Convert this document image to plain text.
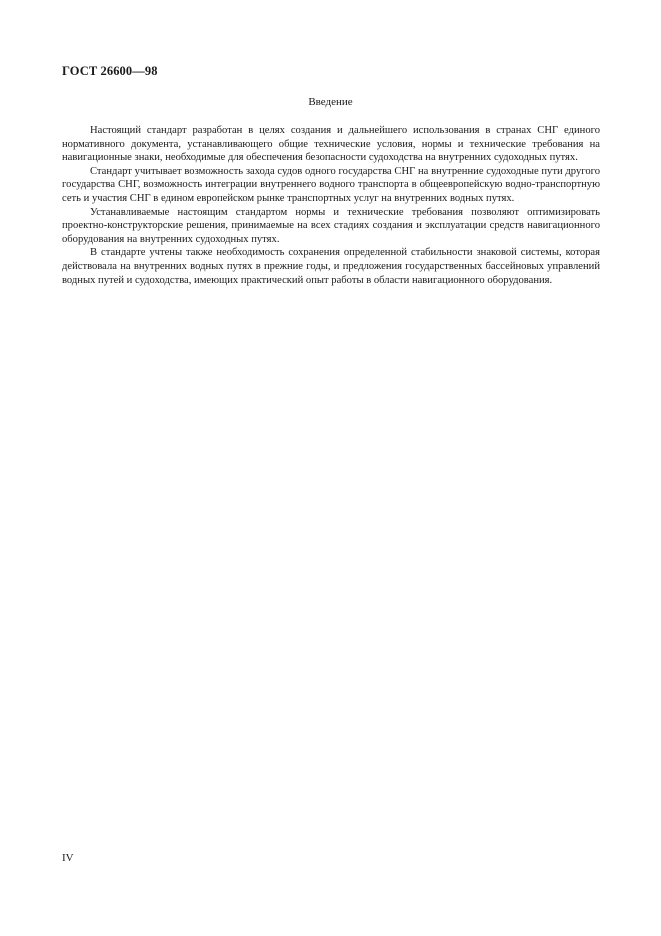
ГОСТ 26600—98
Введение

Настоящий стандарт разработан в целях создания и дальнейшего использования в странах СНГ единого нормативного документа, устанавливающего общие технические условия, нормы и технические требования на навигационные знаки, необходимые для обеспечения безопасности судоходства на внутренних судоходных путях.

Стандарт учитывает возможность захода судов одного государства СНГ на внутренние судоходные пути другого государства СНГ, возможность интеграции внутреннего водного транспорта в общеевропейскую водно-транспортную сеть и участия СНГ в едином европейском рынке транспортных услуг на внутренних водных путях.

Устанавливаемые настоящим стандартом нормы и технические требования позволяют оптимизировать проектно-конструкторские решения, принимаемые на всех стадиях создания и эксплуатации средств навигационного оборудования на внутренних судоходных путях.

В стандарте учтены также необходимость сохранения определенной стабильности знаковой системы, которая действовала на внутренних водных путях в прежние годы, и предложения государственных бассейновых управлений водных путей и судоходства, имеющих практический опыт работы в области навигационного оборудования.

IV
